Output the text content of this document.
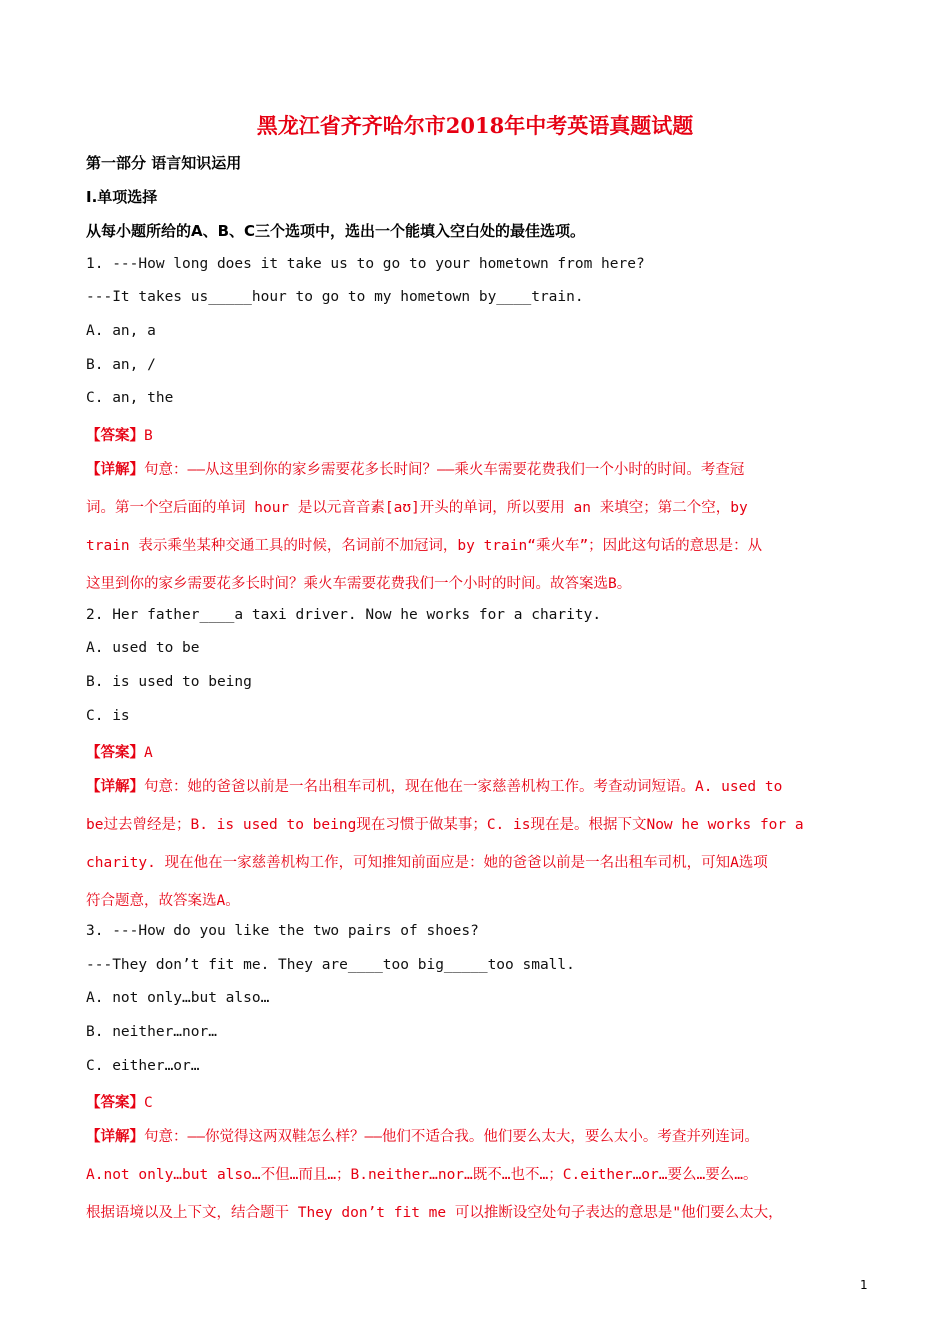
黑龙江省齐齐哈尔市2018年中考英语真题试题
第一部分 语言知识运用
Ⅰ.单项选择
从每小题所给的A、B、C三个选项中，选出一个能填入空白处的最佳选项。
1. ---How long does it take us to go to your hometown from here?
---It takes us_____hour to go to my hometown by____train.
A. an, a
B. an, /
C. an, the
【答案】B
【详解】句意：——从这里到你的家乡需要花多长时间？——乘火车需要花费我们一个小时的时间。考查冠
词。第一个空后面的单词 hour 是以元音音素[aʊ]开头的单词，所以要用 an 来填空；第二个空，by
train 表示乘坐某种交通工具的时候，名词前不加冠词，by train“乘火车”；因此这句话的意思是：从
这里到你的家乡需要花多长时间？乘火车需要花费我们一个小时的时间。故答案选B。
2. Her father____a taxi driver. Now he works for a charity.
A. used to be
B. is used to being
C. is
【答案】A
【详解】句意：她的爸爸以前是一名出租车司机，现在他在一家慈善机构工作。考查动词短语。A. used to
be过去曾经是；B. is used to being现在习惯于做某事；C. is现在是。根据下文Now he works for a
charity. 现在他在一家慈善机构工作，可知推知前面应是：她的爸爸以前是一名出租车司机，可知A选项
符合题意，故答案选A。
3. ---How do you like the two pairs of shoes?
---They don’t fit me. They are____too big_____too small.
A. not only…but also…
B. neither…nor…
C. either…or…
【答案】C
【详解】句意：——你觉得这两双鞋怎么样？——他们不适合我。他们要么太大，要么太小。考查并列连词。
A.not only…but also…不但…而且…；B.neither…nor…既不…也不…；C.either…or…要么…要么…。
根据语境以及上下文，结合题干 They don’t fit me 可以推断设空处句子表达的意思是"他们要么太大，
1
